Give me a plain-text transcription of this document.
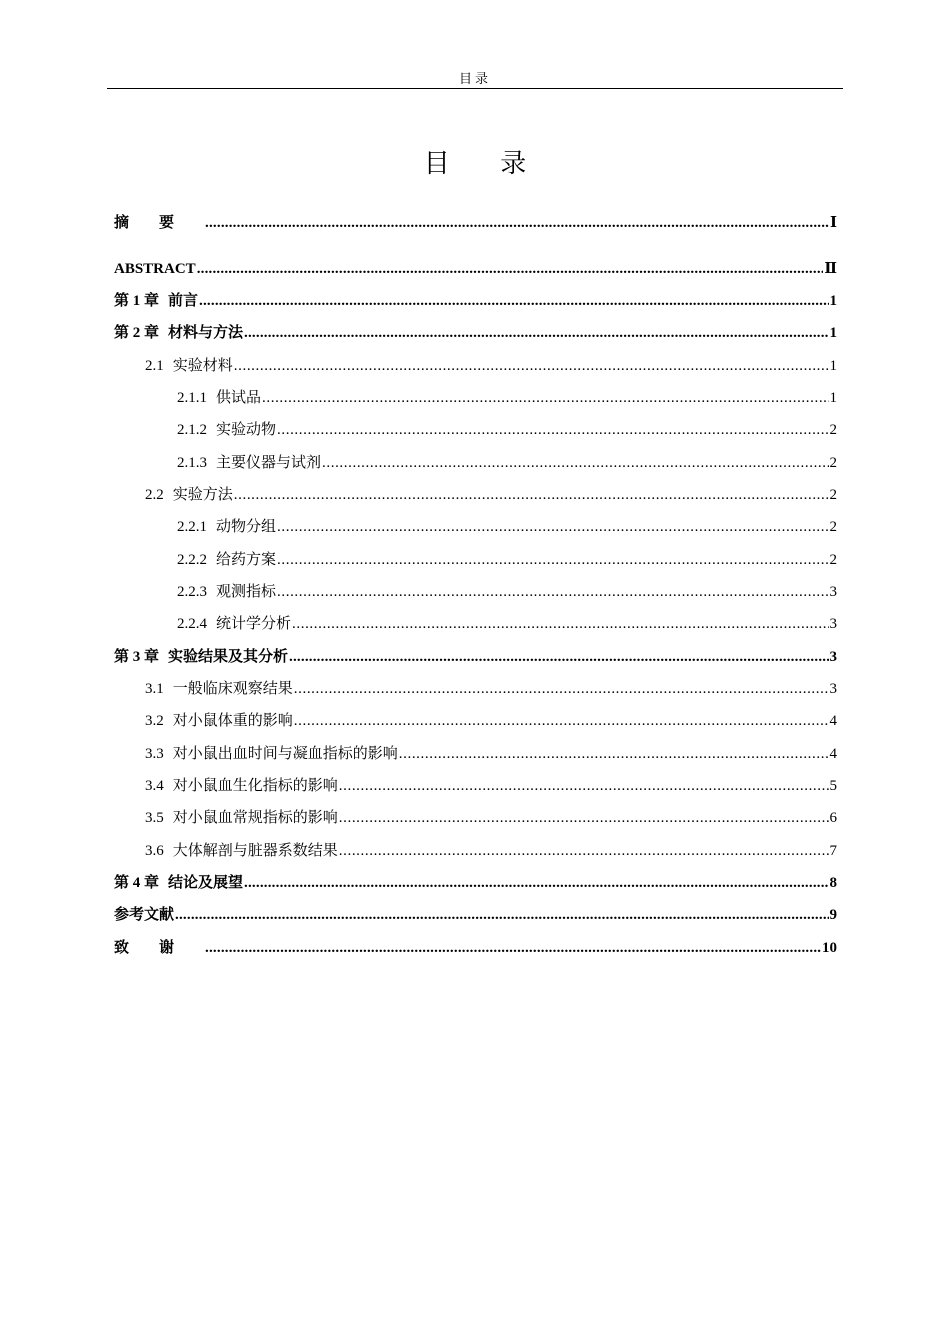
目录
目 录
摘要 .....	Ⅰ
ABSTRACT .....	Ⅱ
第 1 章 前言 .....	1
第 2 章 材料与方法 .....	1
2.1 实验材料 .....	1
2.1.1 供试品 .....	1
2.1.2 实验动物 .....	2
2.1.3 主要仪器与试剂 .....	2
2.2 实验方法 .....	2
2.2.1 动物分组 .....	2
2.2.2 给药方案 .....	2
2.2.3 观测指标 .....	3
2.2.4 统计学分析 .....	3
第 3 章 实验结果及其分析 .....	3
3.1 一般临床观察结果 .....	3
3.2 对小鼠体重的影响 .....	4
3.3 对小鼠出血时间与凝血指标的影响 .....	4
3.4 对小鼠血生化指标的影响 .....	5
3.5 对小鼠血常规指标的影响 .....	6
3.6 大体解剖与脏器系数结果 .....	7
第 4 章 结论及展望 .....	8
参考文献 .....	9
致谢 .....	10
